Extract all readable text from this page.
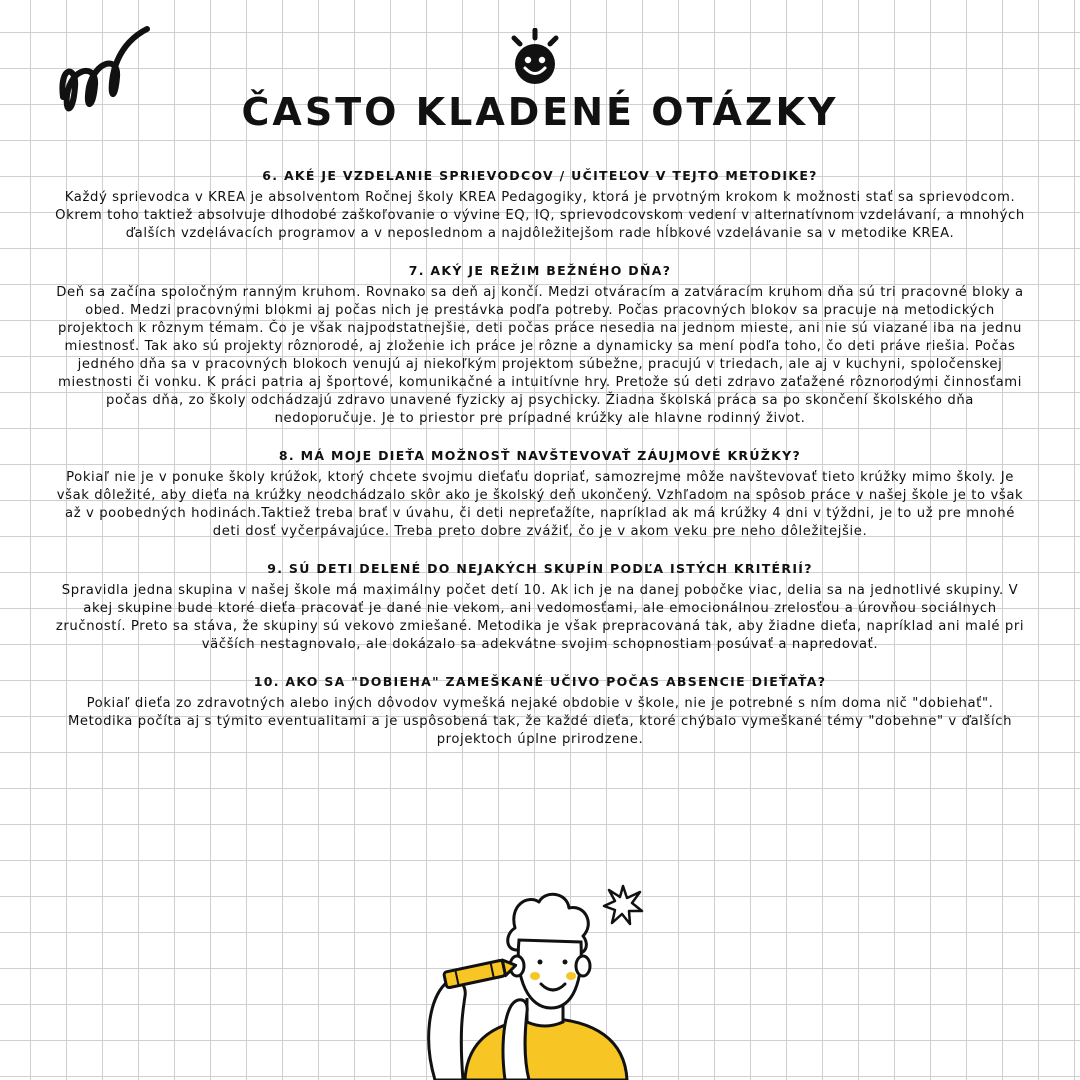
ČASTO KLADENÉ OTÁZKY
6. AKÉ JE VZDELANIE SPRIEVODCOV / UČITEĽOV V TEJTO METODIKE?

Každý sprievodca v KREA je absolventom Ročnej školy KREA Pedagogiky, ktorá je prvotným krokom k možnosti stať sa sprievodcom. Okrem toho taktiež absolvuje dlhodobé zaškoľovanie o vývine EQ, IQ, sprievodcovskom vedení v alternatívnom vzdelávaní, a mnohých ďalších vzdelávacích programov a v neposlednom a najdôležitejšom rade hĺbkové vzdelávanie sa v metodike KREA.

7. AKÝ JE REŽIM BEŽNÉHO DŇA?

Deň sa začína spoločným ranným kruhom. Rovnako sa deň aj končí. Medzi otváracím a zatváracím kruhom dňa sú tri pracovné bloky a obed. Medzi pracovnými blokmi aj počas nich je prestávka podľa potreby. Počas pracovných blokov sa pracuje na metodických projektoch k rôznym témam. Čo je však najpodstatnejšie, deti počas práce nesedia na jednom mieste, ani nie sú viazané iba na jednu miestnosť. Tak ako sú projekty rôznorodé, aj zloženie ich práce je rôzne a dynamicky sa mení podľa toho, čo deti práve riešia. Počas jedného dňa sa v pracovných blokoch venujú aj niekoľkým projektom súbežne, pracujú v triedach, ale aj v kuchyni, spoločenskej miestnosti či vonku. K práci patria aj športové, komunikačné a intuitívne hry. Pretože sú deti zdravo zaťažené rôznorodými činnosťami počas dňa, zo školy odchádzajú zdravo unavené fyzicky aj psychicky. Žiadna školská práca sa po skončení školského dňa nedoporučuje. Je to priestor pre prípadné krúžky ale hlavne rodinný život.

8. MÁ MOJE DIEŤA MOŽNOSŤ NAVŠTEVOVAŤ ZÁUJMOVÉ KRÚŽKY?

Pokiaľ nie je v ponuke školy krúžok, ktorý chcete svojmu dieťaťu dopriať, samozrejme môže navštevovať tieto krúžky mimo školy. Je však dôležité, aby dieťa na krúžky neodchádzalo skôr ako je školský deň ukončený. Vzhľadom na spôsob práce v našej škole je to však až v poobedných hodinách.Taktiež treba brať v úvahu, či deti nepreťažíte, napríklad ak má krúžky 4 dni v týždni, je to už pre mnohé deti dosť vyčerpávajúce. Treba preto dobre zvážiť, čo je v akom veku pre neho dôležitejšie.

9. SÚ DETI DELENÉ DO NEJAKÝCH SKUPÍN PODĽA ISTÝCH KRITÉRIÍ?

Spravidla jedna skupina v našej škole má maximálny počet detí 10. Ak ich je na danej pobočke viac, delia sa na jednotlivé skupiny. V akej skupine bude ktoré dieťa pracovať je dané nie vekom, ani vedomosťami, ale emocionálnou zrelosťou a úrovňou sociálnych zručností. Preto sa stáva, že skupiny sú vekovo zmiešané. Metodika je však prepracovaná tak, aby žiadne dieťa, napríklad ani malé pri väčších nestagnovalo, ale dokázalo sa adekvátne svojim schopnostiam posúvať a napredovať.

10. AKO SA "DOBIEHA" ZAMEŠKANÉ UČIVO POČAS ABSENCIE DIEŤAŤA?

Pokiaľ dieťa zo zdravotných alebo iných dôvodov vymešká nejaké obdobie v škole, nie je potrebné s ním doma nič "dobiehať". Metodika počíta aj s týmito eventualitami a je uspôsobená tak, že každé dieťa, ktoré chýbalo vymeškané témy "dobehne" v ďalších projektoch úplne prirodzene.
